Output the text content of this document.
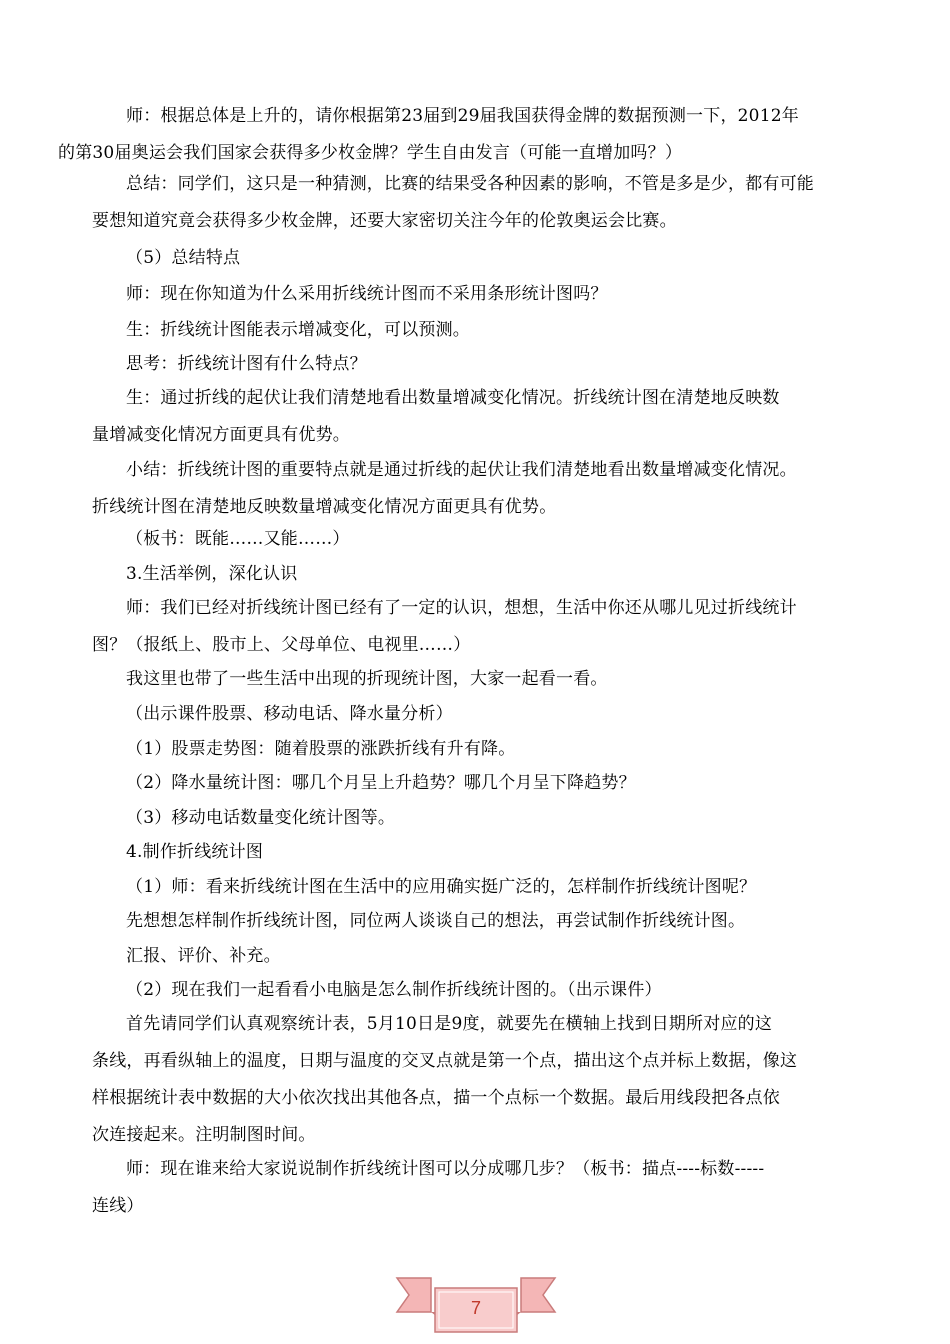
师：根据总体是上升的，请你根据第23届到29届我国获得金牌的数据预测一下，2012年
的第30届奥运会我们国家会获得多少枚金牌？学生自由发言（可能一直增加吗？）

总结：同学们，这只是一种猜测，比赛的结果受各种因素的影响，不管是多是少，都有可能
要想知道究竟会获得多少枚金牌，还要大家密切关注今年的伦敦奥运会比赛。

（5）总结特点

师：现在你知道为什么采用折线统计图而不采用条形统计图吗？

生：折线统计图能表示增减变化，可以预测。

思考：折线统计图有什么特点？

生：通过折线的起伏让我们清楚地看出数量增减变化情况。折线统计图在清楚地反映数
量增减变化情况方面更具有优势。

小结：折线统计图的重要特点就是通过折线的起伏让我们清楚地看出数量增减变化情况。
折线统计图在清楚地反映数量增减变化情况方面更具有优势。

（板书：既能……又能……）

3.生活举例，深化认识

师：我们已经对折线统计图已经有了一定的认识，想想，生活中你还从哪儿见过折线统计
图？（报纸上、股市上、父母单位、电视里……）

我这里也带了一些生活中出现的折现统计图，大家一起看一看。

（出示课件股票、移动电话、降水量分析）

（1）股票走势图：随着股票的涨跌折线有升有降。

（2）降水量统计图：哪几个月呈上升趋势？哪几个月呈下降趋势？

（3）移动电话数量变化统计图等。

4.制作折线统计图

（1）师：看来折线统计图在生活中的应用确实挺广泛的，怎样制作折线统计图呢？

先想想怎样制作折线统计图，同位两人谈谈自己的想法，再尝试制作折线统计图。

汇报、评价、补充。

（2）现在我们一起看看小电脑是怎么制作折线统计图的。（出示课件）

首先请同学们认真观察统计表，5月10日是9度，就要先在横轴上找到日期所对应的这
条线，再看纵轴上的温度，日期与温度的交叉点就是第一个点，描出这个点并标上数据，像这
样根据统计表中数据的大小依次找出其他各点，描一个点标一个数据。最后用线段把各点依
次连接起来。注明制图时间。

师：现在谁来给大家说说制作折线统计图可以分成哪几步？（板书：描点----标数-----
连线）

7
